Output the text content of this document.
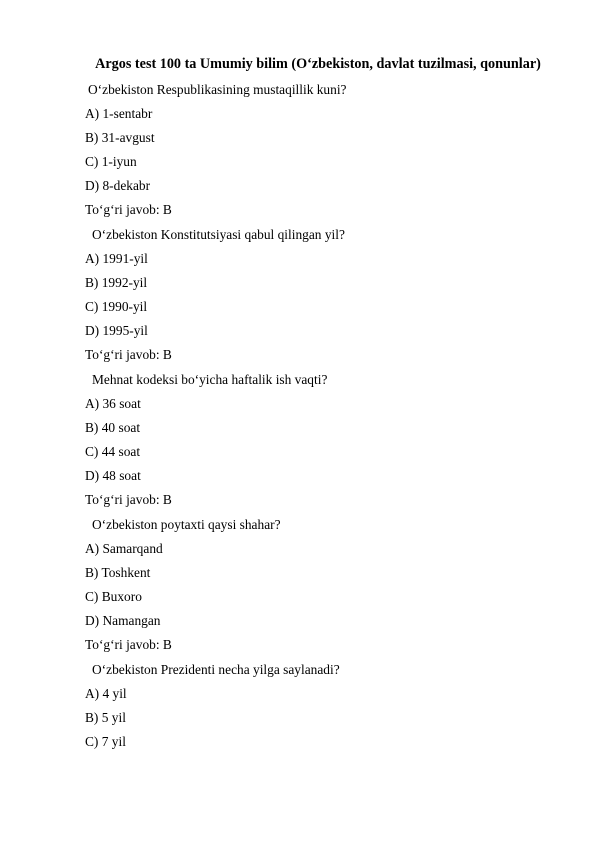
Argos test 100 ta Umumiy bilim (O‘zbekiston, davlat tuzilmasi, qonunlar)
O‘zbekiston Respublikasining mustaqillik kuni?
A) 1-sentabr
B) 31-avgust
C) 1-iyun
D) 8-dekabr
To‘g‘ri javob: B
O‘zbekiston Konstitutsiyasi qabul qilingan yil?
A) 1991-yil
B) 1992-yil
C) 1990-yil
D) 1995-yil
To‘g‘ri javob: B
Mehnat kodeksi bo‘yicha haftalik ish vaqti?
A) 36 soat
B) 40 soat
C) 44 soat
D) 48 soat
To‘g‘ri javob: B
O‘zbekiston poytaxti qaysi shahar?
A) Samarqand
B) Toshkent
C) Buxoro
D) Namangan
To‘g‘ri javob: B
O‘zbekiston Prezidenti necha yilga saylanadi?
A) 4 yil
B) 5 yil
C) 7 yil
